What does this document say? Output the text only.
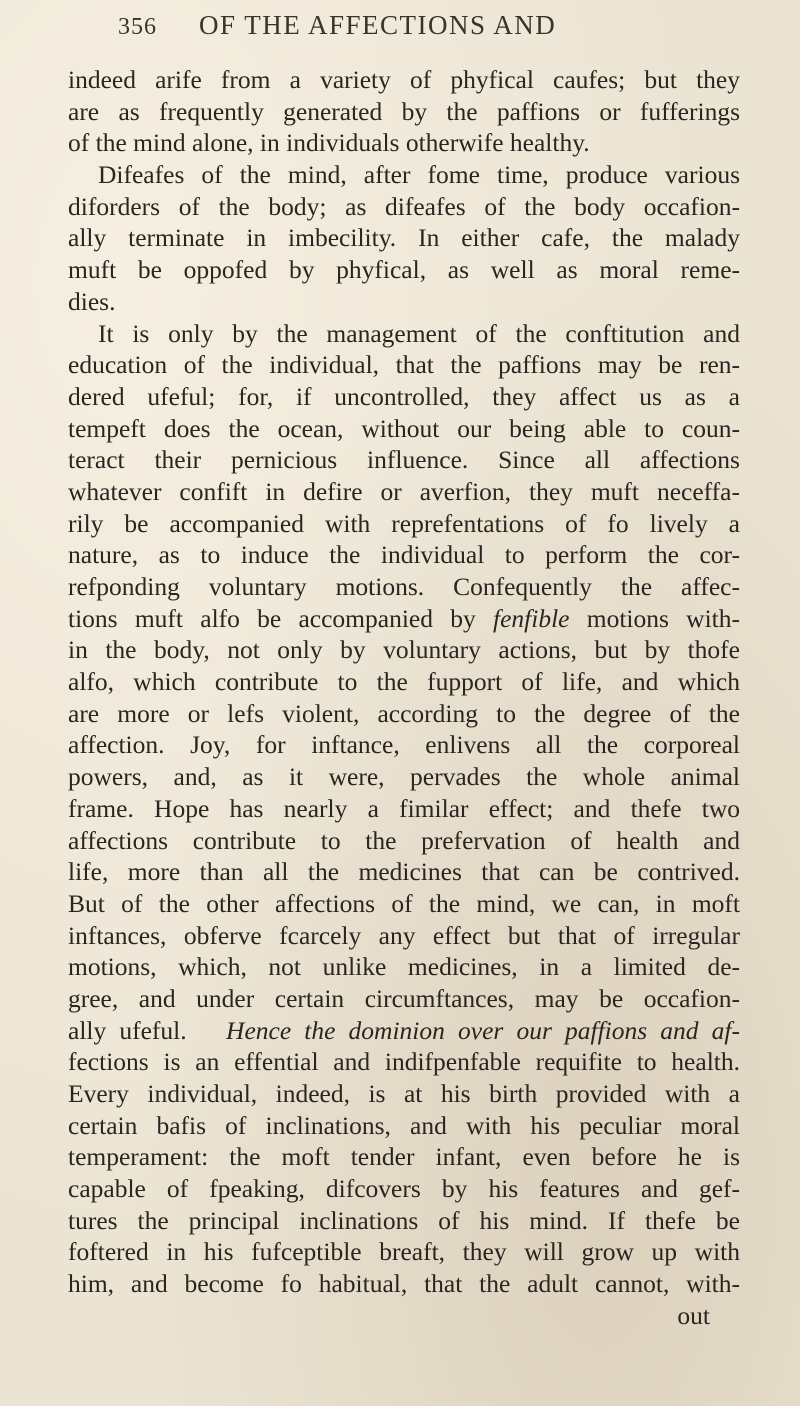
356 OF THE AFFECTIONS AND
indeed arife from a variety of phyfical caufes; but they
are as frequently generated by the paffions or fufferings
of the mind alone, in individuals otherwife healthy.
Difeafes of the mind, after fome time, produce various
diforders of the body; as difeafes of the body occafion-
ally terminate in imbecility. In either cafe, the malady
muft be oppofed by phyfical, as well as moral reme-
dies.
It is only by the management of the conftitution and
education of the individual, that the paffions may be ren-
dered ufeful; for, if uncontrolled, they affect us as a
tempeft does the ocean, without our being able to coun-
teract their pernicious influence. Since all affections
whatever confift in defire or averfion, they muft neceffa-
rily be accompanied with reprefentations of fo lively a
nature, as to induce the individual to perform the cor-
refponding voluntary motions. Confequently the affec-
tions muft alfo be accompanied by fenfible motions with-
in the body, not only by voluntary actions, but by thofe
alfo, which contribute to the fupport of life, and which
are more or lefs violent, according to the degree of the
affection. Joy, for inftance, enlivens all the corporeal
powers, and, as it were, pervades the whole animal
frame. Hope has nearly a fimilar effect; and thefe two
affections contribute to the prefervation of health and
life, more than all the medicines that can be contrived.
But of the other affections of the mind, we can, in moft
inftances, obferve fcarcely any effect but that of irregular
motions, which, not unlike medicines, in a limited de-
gree, and under certain circumftances, may be occafion-
ally ufeful. Hence the dominion over our paffions and af-
fections is an effential and indifpenfable requifite to health.
Every individual, indeed, is at his birth provided with a
certain bafis of inclinations, and with his peculiar moral
temperament: the moft tender infant, even before he is
capable of fpeaking, difcovers by his features and gef-
tures the principal inclinations of his mind. If thefe be
foftered in his fufceptible breaft, they will grow up with
him, and become fo habitual, that the adult cannot, with-
out
